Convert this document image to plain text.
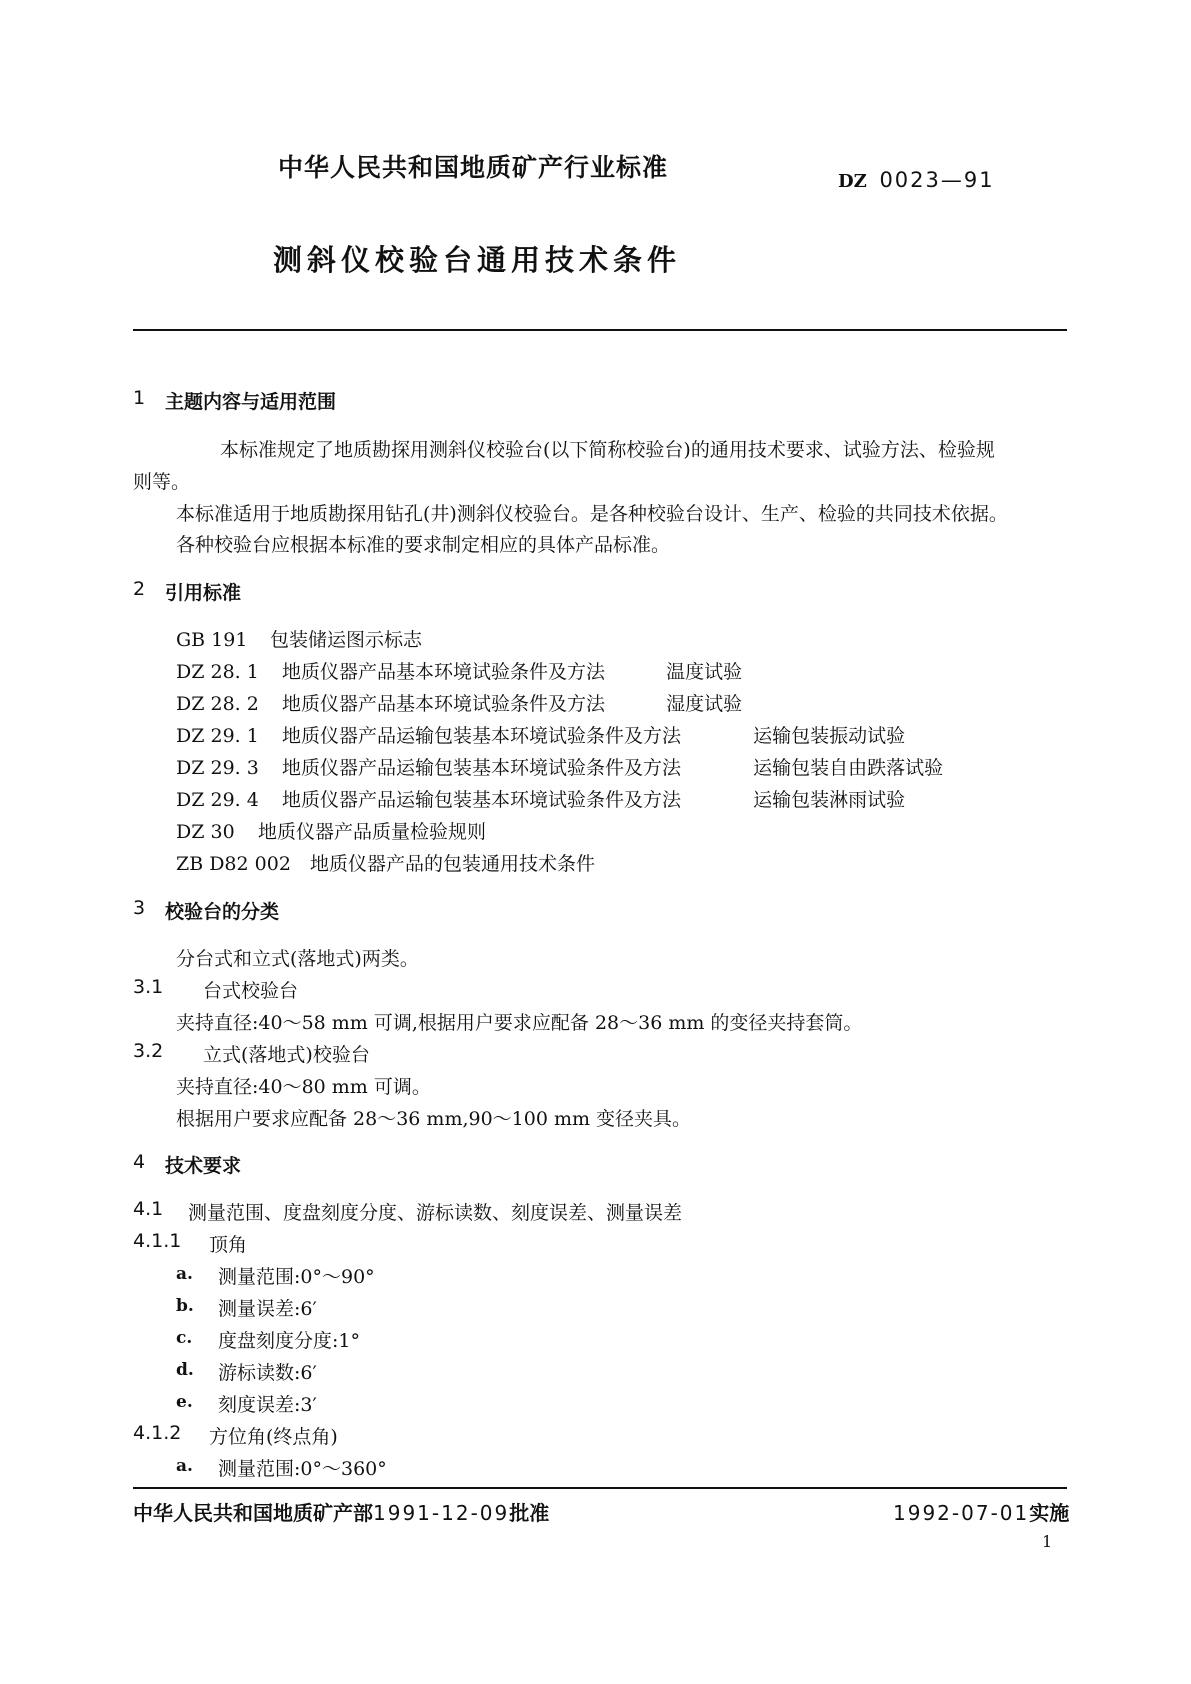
中华人民共和国地质矿产行业标准	DZ 0023—91
测斜仪校验台通用技术条件
1 主题内容与适用范围
本标准规定了地质勘探用测斜仪校验台(以下简称校验台)的通用技术要求、试验方法、检验规
则等。
本标准适用于地质勘探用钻孔(井)测斜仪校验台。是各种校验台设计、生产、检验的共同技术依据。
各种校验台应根据本标准的要求制定相应的具体产品标准。
2 引用标准
GB 191 包装储运图示标志
DZ 28. 1 地质仪器产品基本环境试验条件及方法	温度试验
DZ 28. 2 地质仪器产品基本环境试验条件及方法	湿度试验
DZ 29. 1 地质仪器产品运输包装基本环境试验条件及方法	运输包装振动试验
DZ 29. 3 地质仪器产品运输包装基本环境试验条件及方法	运输包装自由跌落试验
DZ 29. 4 地质仪器产品运输包装基本环境试验条件及方法	运输包装淋雨试验
DZ 30 地质仪器产品质量检验规则
ZB D82 002 地质仪器产品的包装通用技术条件
3 校验台的分类
分台式和立式(落地式)两类。
3.1 台式校验台
夹持直径:40～58 mm 可调,根据用户要求应配备 28～36 mm 的变径夹持套筒。
3.2 立式(落地式)校验台
夹持直径:40～80 mm 可调。
根据用户要求应配备 28～36 mm,90～100 mm 变径夹具。
4 技术要求
4.1 测量范围、度盘刻度分度、游标读数、刻度误差、测量误差
4.1.1 顶角
a. 测量范围:0°～90°
b. 测量误差:6′
c. 度盘刻度分度:1°
d. 游标读数:6′
e. 刻度误差:3′
4.1.2 方位角(终点角)
a. 测量范围:0°～360°
中华人民共和国地质矿产部1991-12-09批准	1992-07-01实施
1
